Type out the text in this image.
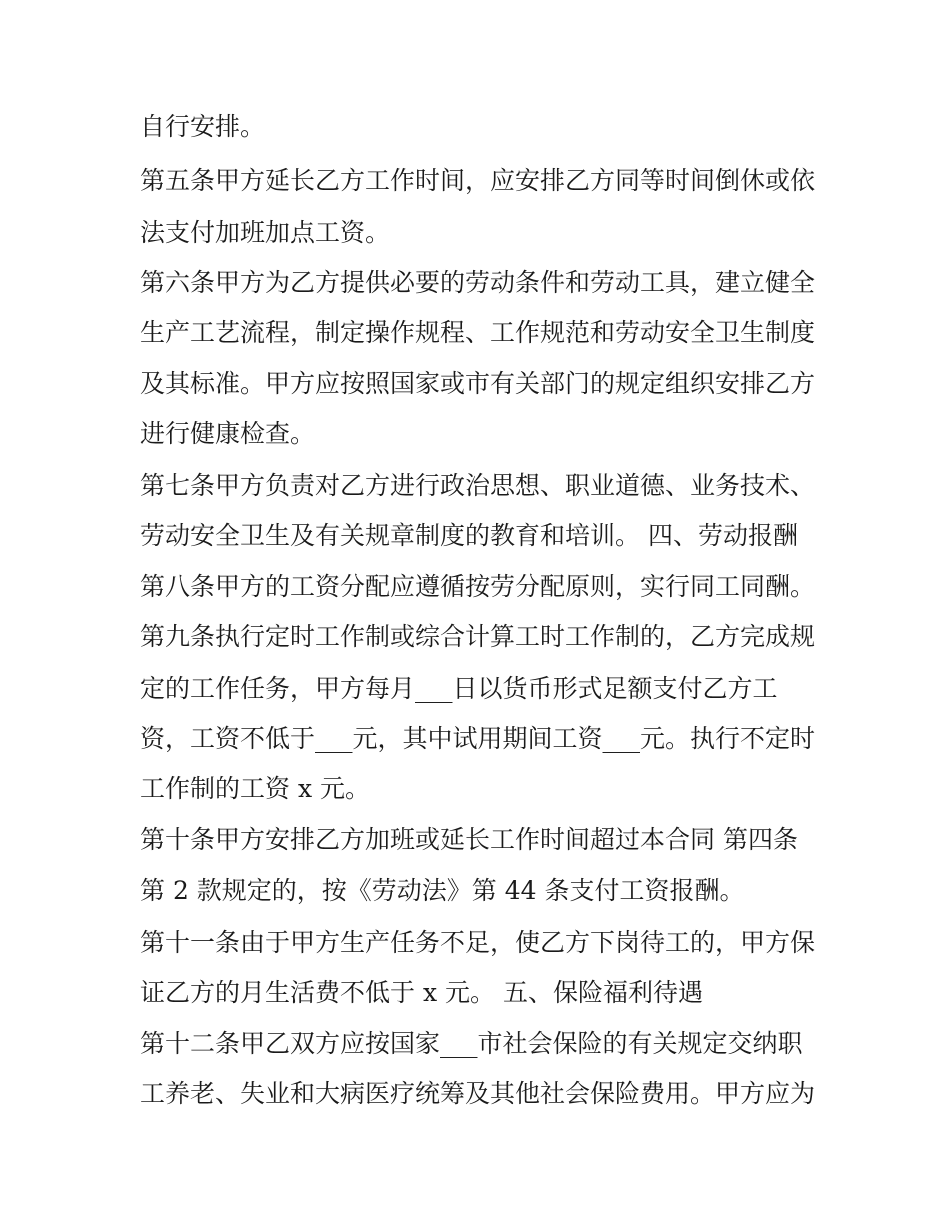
自行安排。
第五条甲方延长乙方工作时间，应安排乙方同等时间倒休或依
法支付加班加点工资。
第六条甲方为乙方提供必要的劳动条件和劳动工具，建立健全
生产工艺流程，制定操作规程、工作规范和劳动安全卫生制度
及其标准。甲方应按照国家或市有关部门的规定组织安排乙方
进行健康检查。
第七条甲方负责对乙方进行政治思想、职业道德、业务技术、
劳动安全卫生及有关规章制度的教育和培训。 四、劳动报酬
第八条甲方的工资分配应遵循按劳分配原则，实行同工同酬。
第九条执行定时工作制或综合计算工时工作制的，乙方完成规
定的工作任务，甲方每月___日以货币形式足额支付乙方工
资，工资不低于___元，其中试用期间工资___元。执行不定时
工作制的工资 x 元。
第十条甲方安排乙方加班或延长工作时间超过本合同 第四条
第 2 款规定的，按《劳动法》第 44 条支付工资报酬。
第十一条由于甲方生产任务不足，使乙方下岗待工的，甲方保
证乙方的月生活费不低于 x 元。 五、保险福利待遇
第十二条甲乙双方应按国家___市社会保险的有关规定交纳职
工养老、失业和大病医疗统筹及其他社会保险费用。甲方应为
